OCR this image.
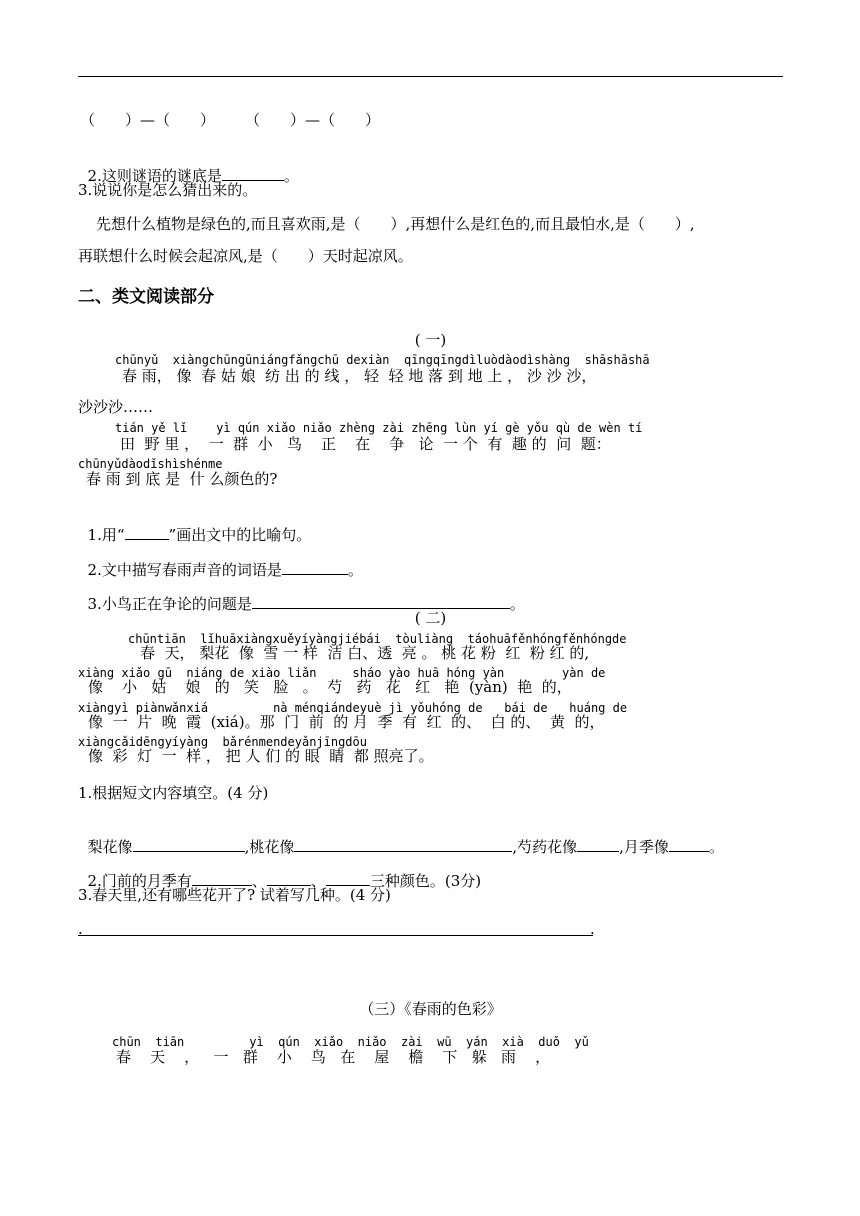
（　　）—（　　）　　　（　　）—（　　）

2.这则谜语的谜底是	。

3.说说你是怎么猜出来的。
先想什么植物是绿色的,而且喜欢雨,是（　　）,再想什么是红色的,而且最怕水,是（　　）,
再联想什么时候会起凉风,是（　　）天时起凉风。
二、类文阅读部分
( 一)
chūnyǔ  xiàngchūngūniángfǎngchū dexiàn  qīngqīngdìluòdàodìshàng  shāshāshā
春 雨， 像  春 姑 娘  纺 出 的 线 ， 轻  轻 地 落 到 地 上 ， 沙 沙 沙，
沙沙沙……
tián yě lǐ    yì qún xiǎo niǎo zhèng zài zhēng lùn yí gè yǒu qù de wèn tí
田  野 里 ，  一  群  小   鸟    正    在    争   论  一 个  有  趣 的  问  题：
chūnyǔdàodǐshìshénme
春 雨 到 底 是  什 么颜色的?

1.用“	”画出文中的比喻句。

2.文中描写春雨声音的词语是	。

3.小鸟正在争论的问题是	。

( 二)
chūntiān  lǐhuāxiàngxuěyíyàngjiébái  tòuliàng  táohuāfěnhóngfěnhóngde
春  天， 梨花  像  雪 一 样  洁 白、透  亮 。 桃 花 粉  红  粉 红 的,
xiàng xiǎo gū  niáng de xiào liǎn     sháo yào huā hóng yàn        yàn de
像    小   姑    娘   的   笑   脸   。  芍   药   花   红   艳  (yàn)  艳  的，
xiàngyì piànwǎnxiá         nà ménqiándeyuè jì yǒuhóng de   bái de   huáng de
像  一  片  晚  霞  (xiá)。那  门  前  的 月  季  有  红  的、  白 的、  黄  的，
xiàngcǎidēngyíyàng  bǎrénmendeyǎnjīngdōu
像  彩  灯  一  样 ， 把 人 们 的 眼  睛  都 照亮了。
1.根据短文内容填空。(4 分)

梨花像	,桃花像	,芍药花像	,月季像	。

2.门前的月季有	、	、	三种颜色。(3分)

3.春天里,还有哪些花开了? 试着写几种。(4 分)
.	.
（三）《春雨的色彩》
chūn  tiān         yì  qún  xiǎo  niǎo  zài  wū  yán  xià  duǒ  yǔ
春    天    ，   一   群    小    鸟   在    屋    檐    下   躲   雨    ，
